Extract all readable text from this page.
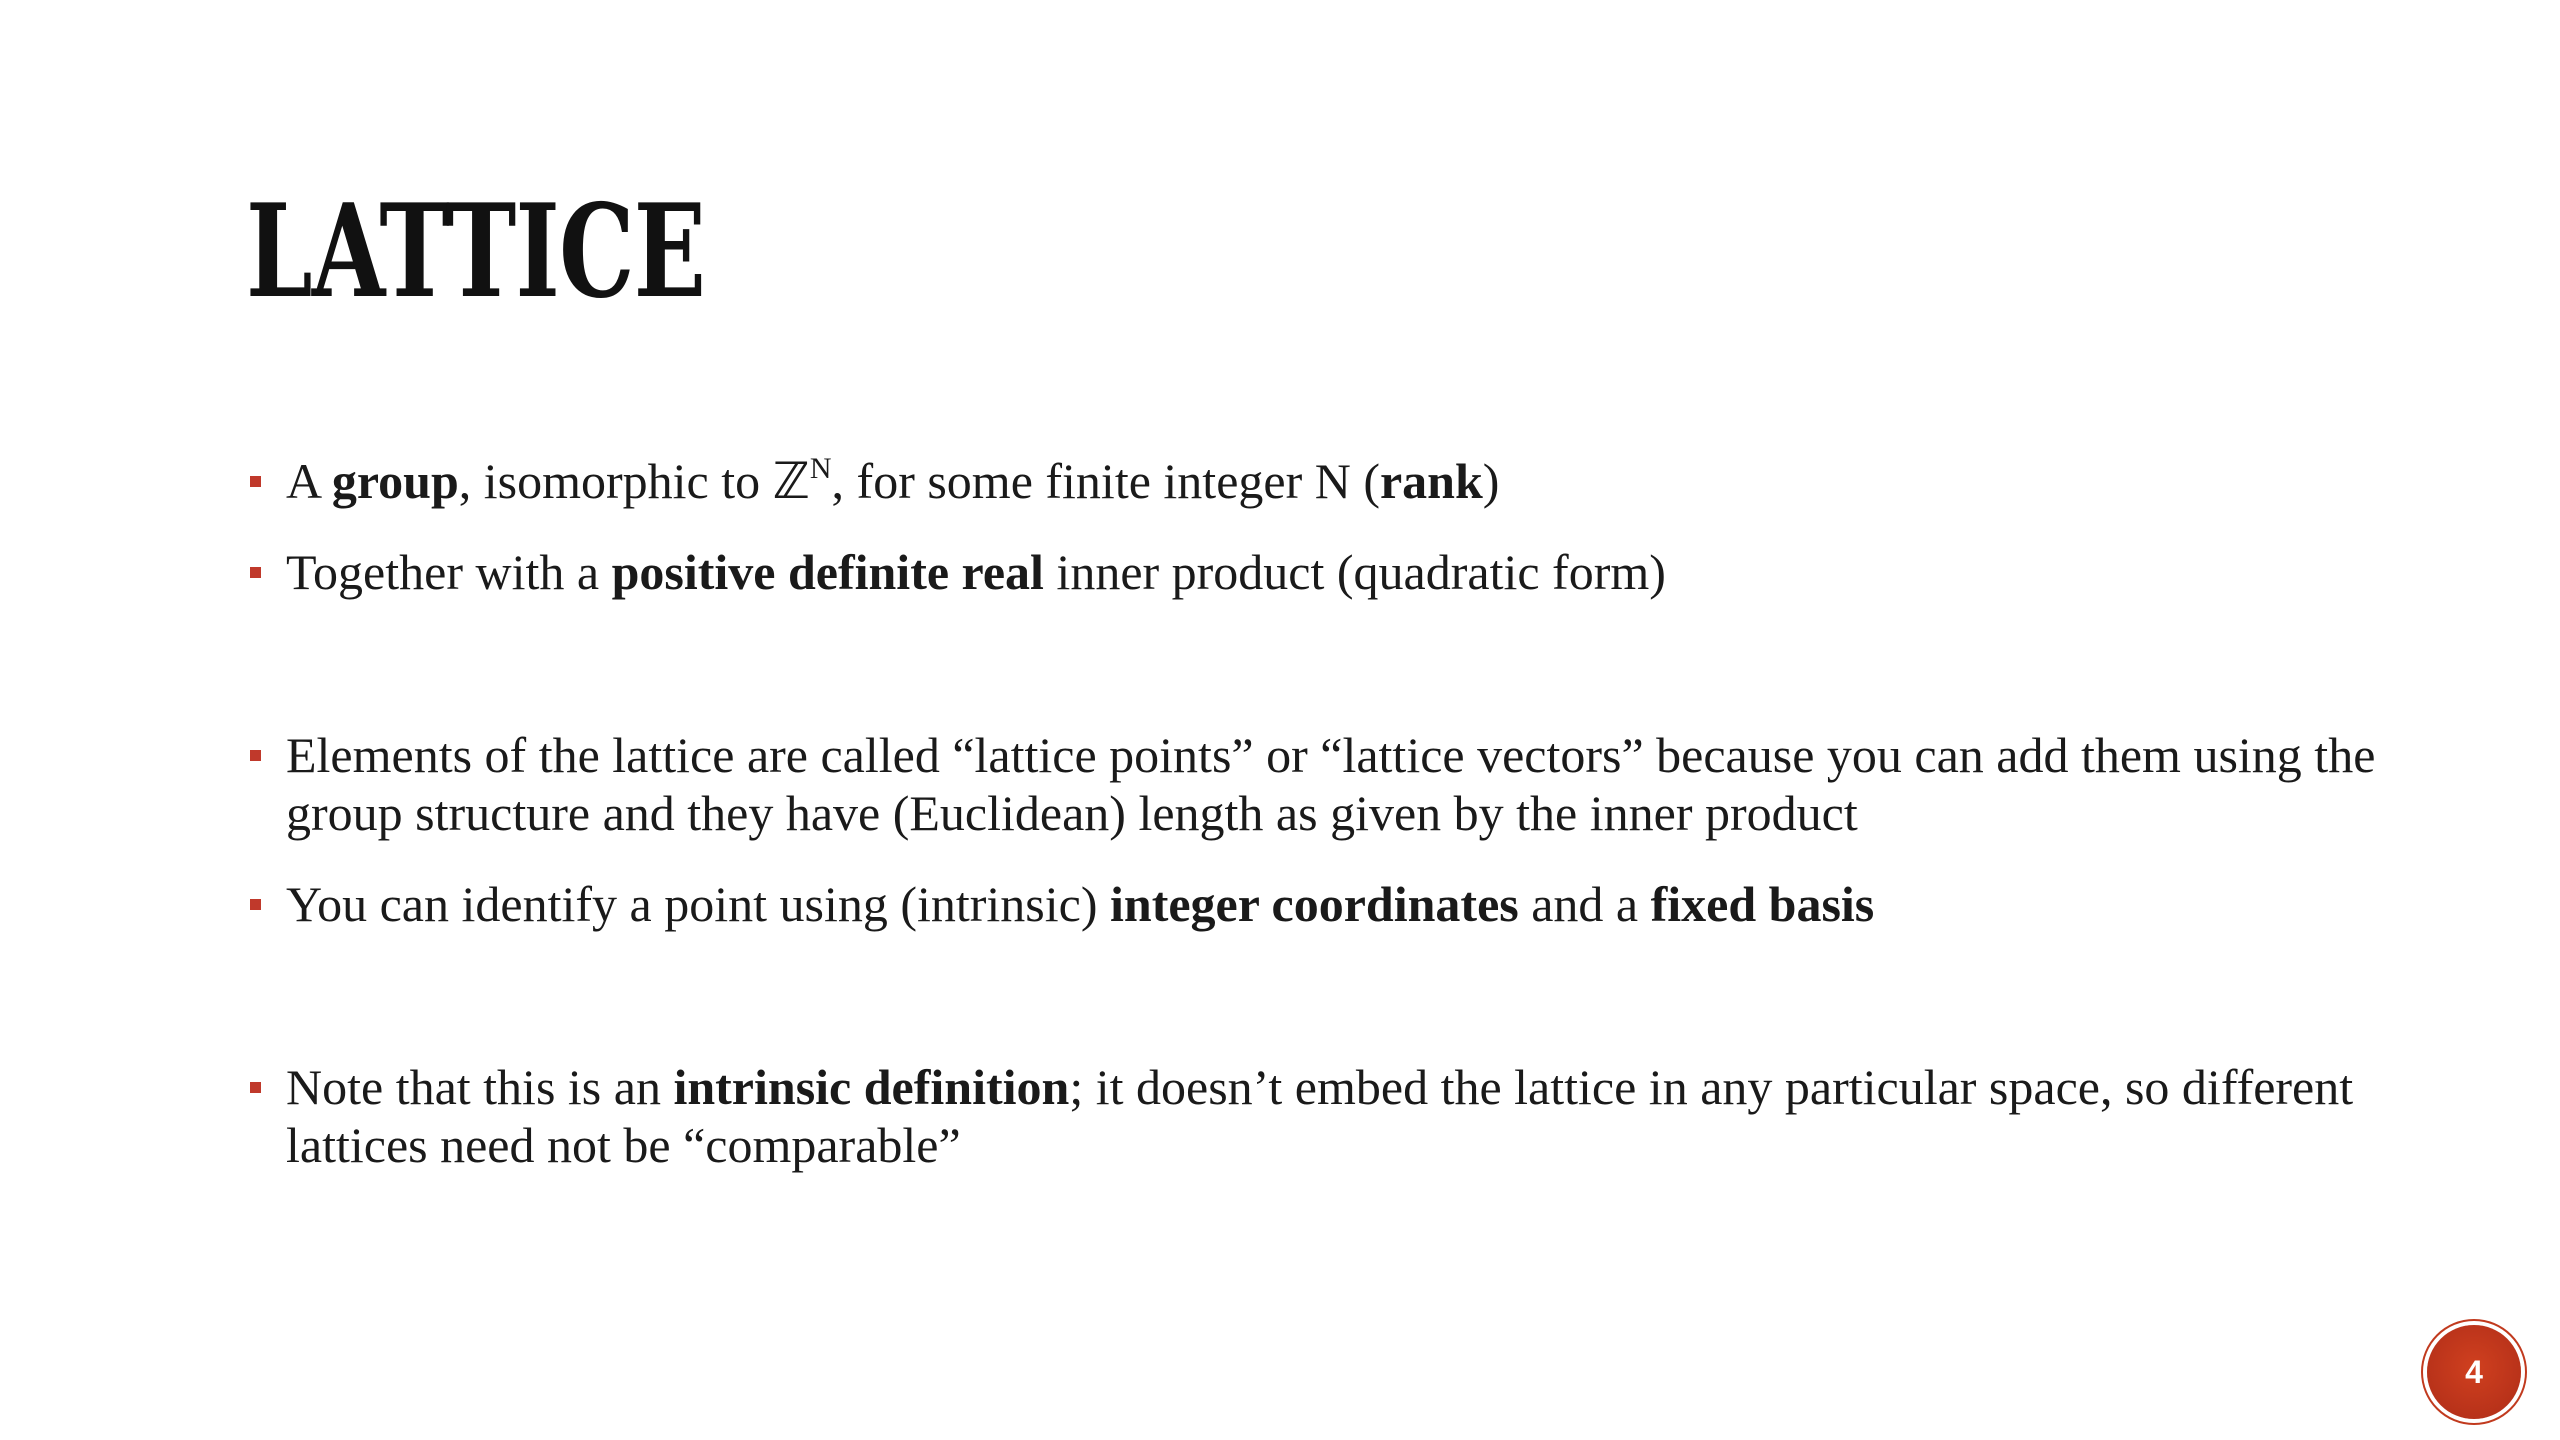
LATTICE

A group, isomorphic to ℤ$^N$, for some finite integer N (rank)

Together with a positive definite real inner product (quadratic form)

Elements of the lattice are called “lattice points” or “lattice vectors” because you can add them using the group structure and they have (Euclidean) length as given by the inner product

You can identify a point using (intrinsic) integer coordinates and a fixed basis

Note that this is an intrinsic definition; it doesn’t embed the lattice in any particular space, so different lattices need not be “comparable”

4
